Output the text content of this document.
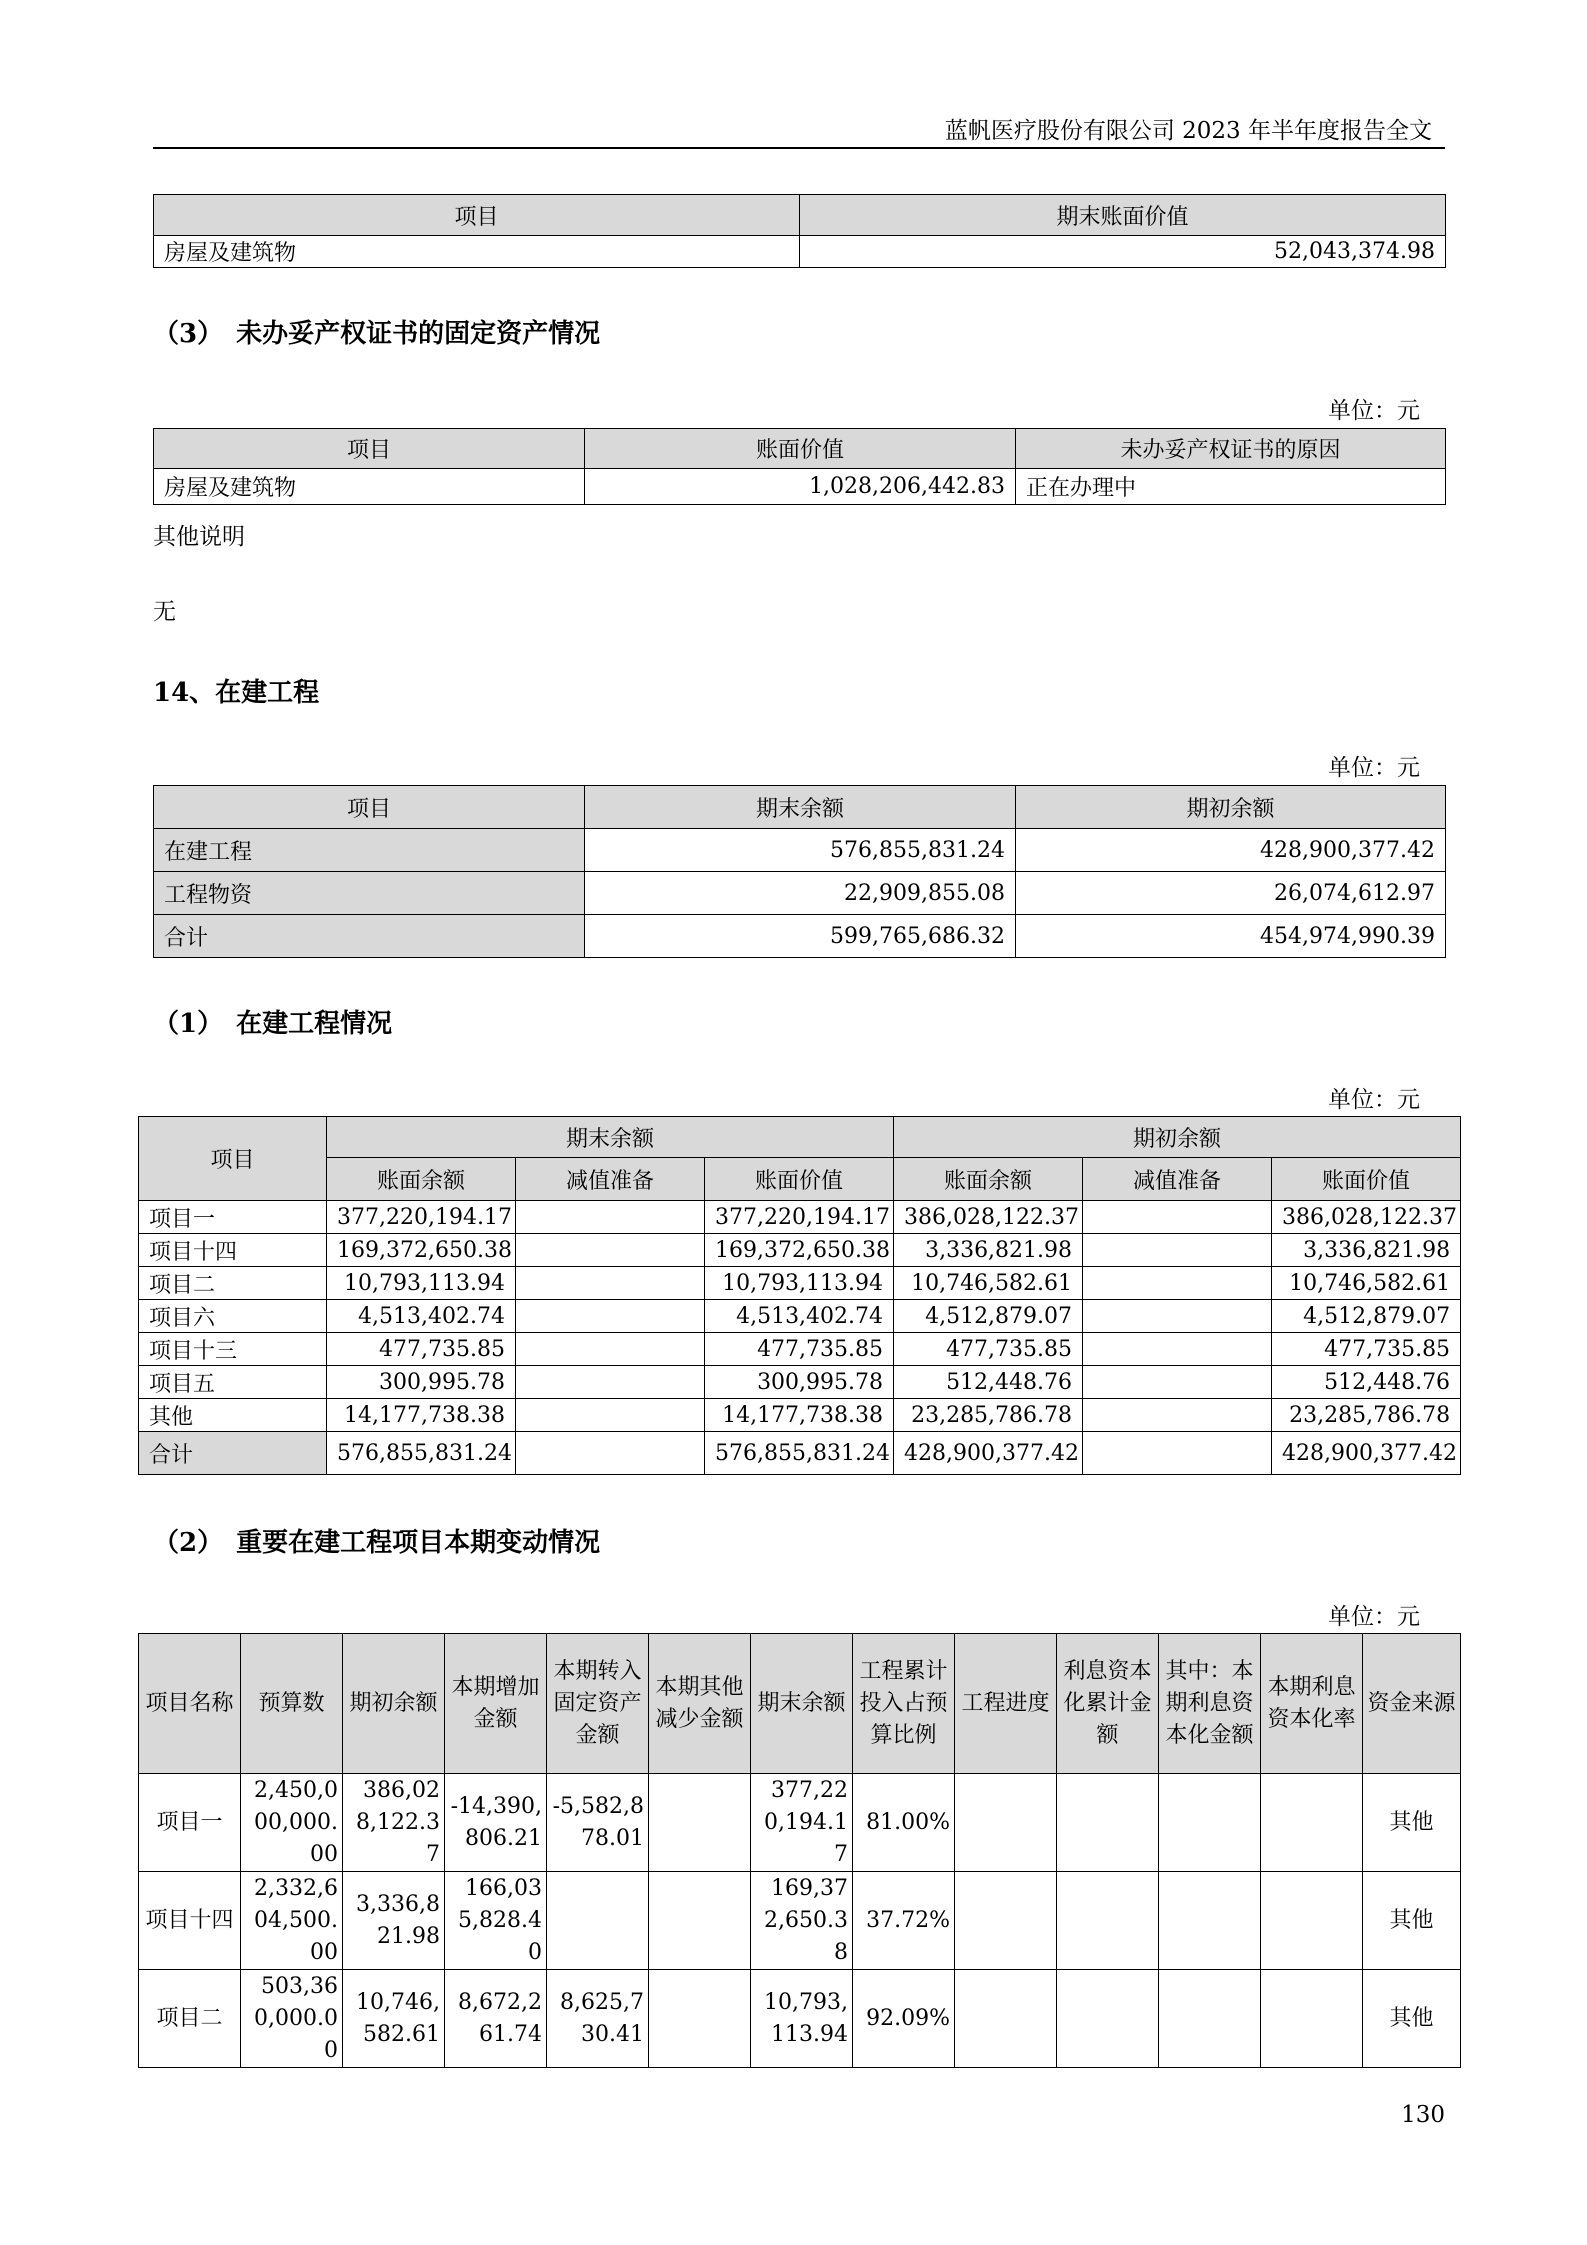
蓝帆医疗股份有限公司 2023 年半年度报告全文
项目	期末账面价值
房屋及建筑物	52,043,374.98
（3）　未办妥产权证书的固定资产情况
单位：元
项目	账面价值	未办妥产权证书的原因
房屋及建筑物	1,028,206,442.83	正在办理中
其他说明
无
14、在建工程
单位：元
项目	期末余额	期初余额
在建工程	576,855,831.24	428,900,377.42
工程物资	22,909,855.08	26,074,612.97
合计	599,765,686.32	454,974,990.39
（1）　在建工程情况
单位：元
项目	期末余额			期初余额		
	账面余额	减值准备	账面价值	账面余额	减值准备	账面价值
项目一	377,220,194.17		377,220,194.17	386,028,122.37		386,028,122.37
项目十四	169,372,650.38		169,372,650.38	3,336,821.98		3,336,821.98
项目二	10,793,113.94		10,793,113.94	10,746,582.61		10,746,582.61
项目六	4,513,402.74		4,513,402.74	4,512,879.07		4,512,879.07
项目十三	477,735.85		477,735.85	477,735.85		477,735.85
项目五	300,995.78		300,995.78	512,448.76		512,448.76
其他	14,177,738.38		14,177,738.38	23,285,786.78		23,285,786.78
合计	576,855,831.24		576,855,831.24	428,900,377.42		428,900,377.42
（2）　重要在建工程项目本期变动情况
单位：元
项目名称	预算数	期初余额	本期增加金额	本期转入固定资产金额	本期其他减少金额	期末余额	工程累计投入占预算比例	工程进度	利息资本化累计金额	其中：本期利息资本化金额	本期利息资本化率	资金来源
项目一	2,450,000,000.00	386,028,122.37	-14,390,806.21	-5,582,878.01		377,220,194.17	81.00%					其他
项目十四	2,332,604,500.00	3,336,821.98	166,035,828.40			169,372,650.38	37.72%					其他
项目二	503,360,000.00	10,746,582.61	8,672,261.74	8,625,730.41		10,793,113.94	92.09%					其他
130
